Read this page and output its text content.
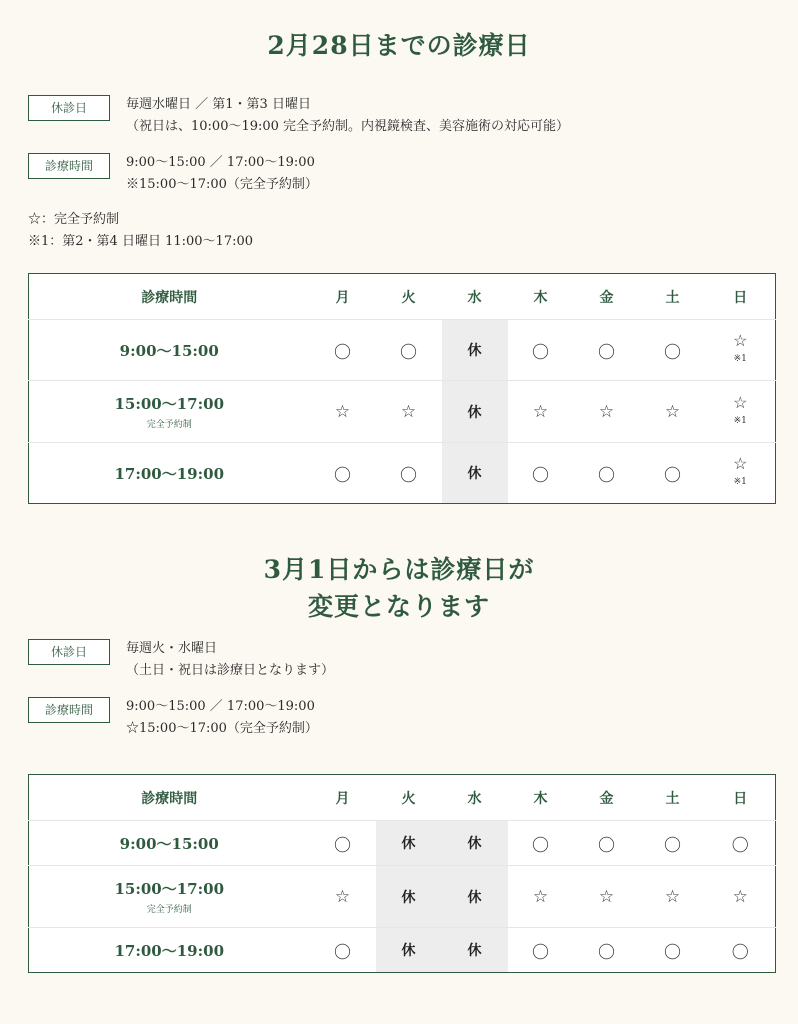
2月28日までの診療日
休診日	毎週水曜日 ／ 第1・第3 日曜日
（祝日は、10:00〜19:00 完全予約制。内視鏡検査、美容施術の対応可能）
診療時間	9:00〜15:00 ／ 17:00〜19:00
※15:00〜17:00（完全予約制）
☆：完全予約制
※1：第2・第4 日曜日 11:00〜17:00
診療時間	月	火	水	木	金	土	日

9:00〜15:00	〇	〇	休	〇	〇	〇	☆
※1

15:00〜17:00
完全予約制	☆	☆	休	☆	☆	☆	☆
※1

17:00〜19:00	〇	〇	休	〇	〇	〇	☆
※1
3月1日からは診療日が
変更となります
休診日	毎週火・水曜日
（土日・祝日は診療日となります）
診療時間	9:00〜15:00 ／ 17:00〜19:00
☆15:00〜17:00（完全予約制）
診療時間	月	火	水	木	金	土	日

9:00〜15:00	〇	休	休	〇	〇	〇	〇

15:00〜17:00
完全予約制	☆	休	休	☆	☆	☆	☆

17:00〜19:00	〇	休	休	〇	〇	〇	〇
